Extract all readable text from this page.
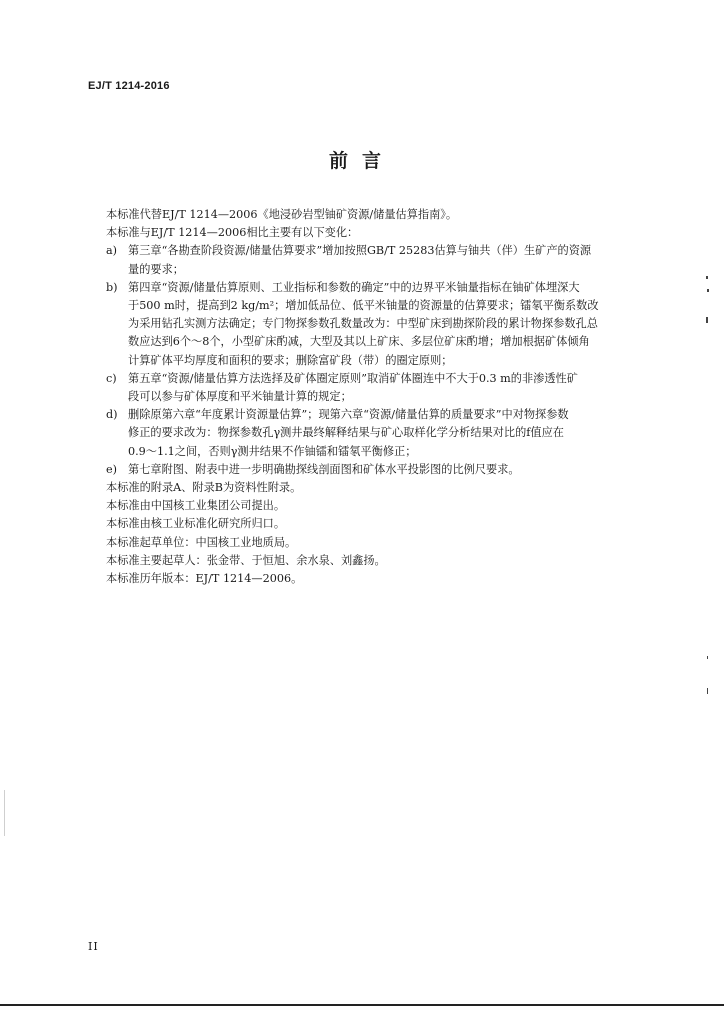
EJ/T 1214-2016
前言

本标准代替EJ/T 1214—2006《地浸砂岩型铀矿资源/储量估算指南》。

本标准与EJ/T 1214—2006相比主要有以下变化：

a) 第三章“各勘查阶段资源/储量估算要求”增加按照GB/T 25283估算与铀共（伴）生矿产的资源
量的要求；
b) 第四章“资源/储量估算原则、工业指标和参数的确定”中的边界平米铀量指标在铀矿体埋深大
于500 m时，提高到2 kg/m²；增加低品位、低平米铀量的资源量的估算要求；镭氡平衡系数改
为采用钻孔实测方法确定；专门物探参数孔数量改为：中型矿床到勘探阶段的累计物探参数孔总
数应达到6个～8个，小型矿床酌减，大型及其以上矿床、多层位矿床酌增；增加根据矿体倾角
计算矿体平均厚度和面积的要求；删除富矿段（带）的圈定原则；
c) 第五章“资源/储量估算方法选择及矿体圈定原则”取消矿体圈连中不大于0.3 m的非渗透性矿
段可以参与矿体厚度和平米铀量计算的规定；
d) 删除原第六章“年度累计资源量估算”；现第六章“资源/储量估算的质量要求”中对物探参数
修正的要求改为：物探参数孔γ测井最终解释结果与矿心取样化学分析结果对比的f值应在
0.9～1.1之间，否则γ测井结果不作铀镭和镭氡平衡修正；
e) 第七章附图、附表中进一步明确勘探线剖面图和矿体水平投影图的比例尺要求。

本标准的附录A、附录B为资料性附录。

本标准由中国核工业集团公司提出。

本标准由核工业标准化研究所归口。

本标准起草单位：中国核工业地质局。

本标准主要起草人：张金带、于恒旭、余水泉、刘鑫扬。

本标准历年版本：EJ/T 1214—2006。

II
